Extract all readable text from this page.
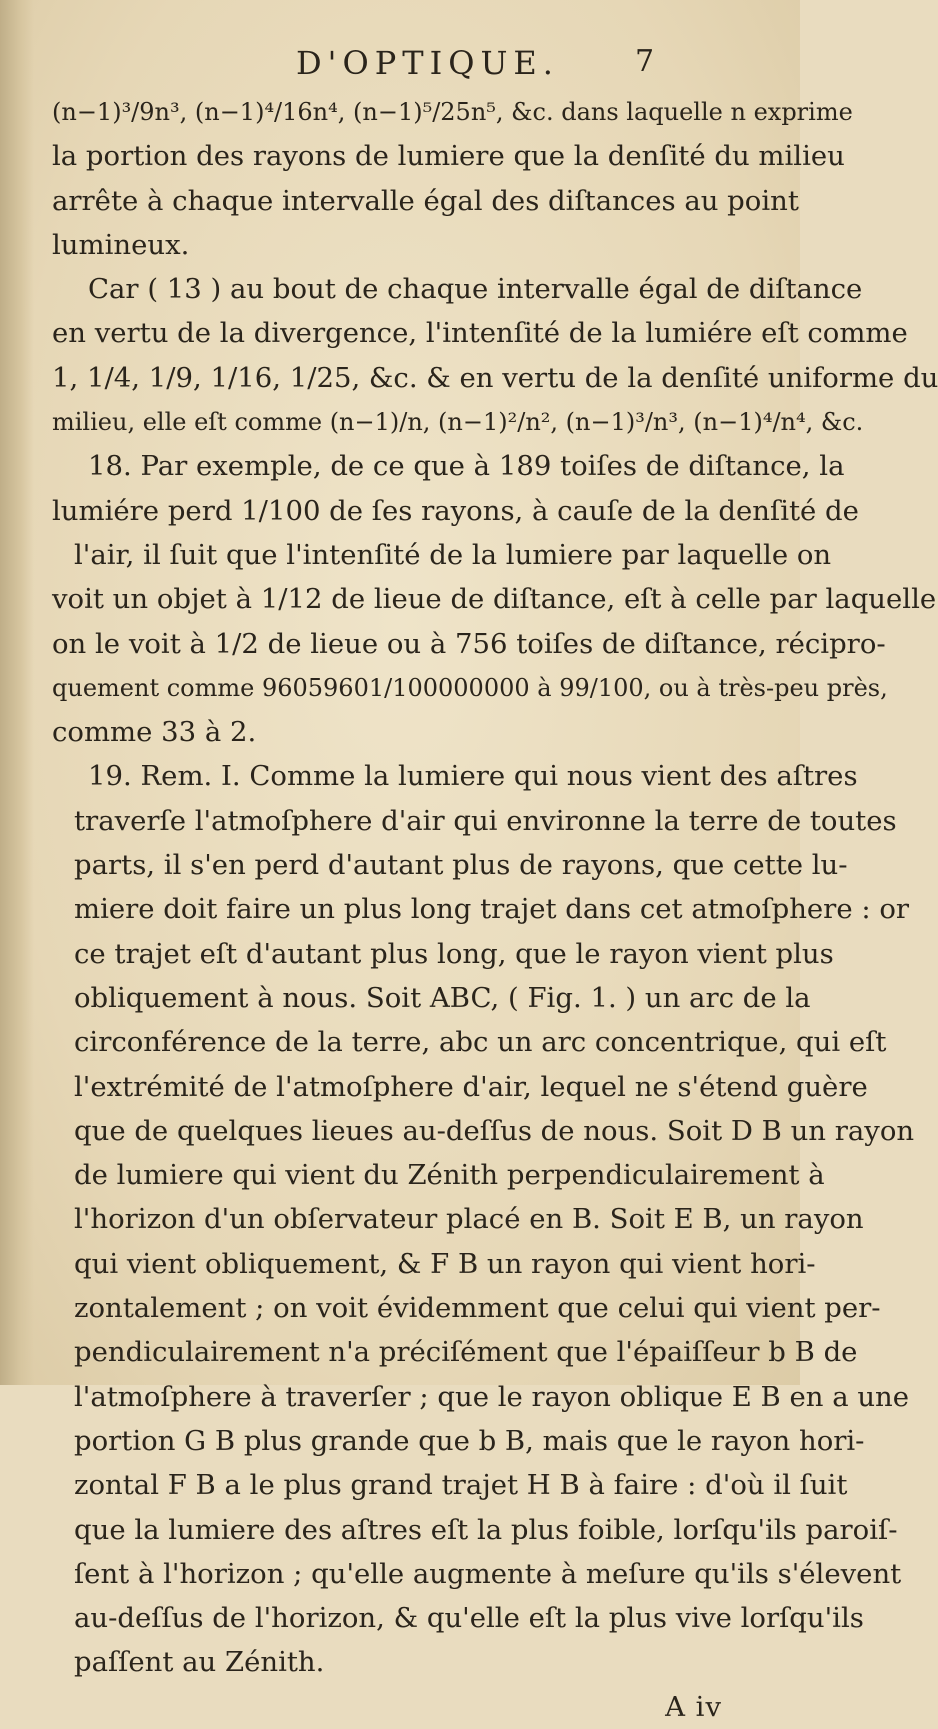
D'OPTIQUE.	7
(n−1)³/9n³, (n−1)⁴/16n⁴, (n−1)⁵/25n⁵, &c. dans laquelle n exprime
la portion des rayons de lumiere que la denſité du milieu
arrête à chaque intervalle égal des diſtances au point
lumineux.
Car ( 13 ) au bout de chaque intervalle égal de diſtance
en vertu de la divergence, l'intenſité de la lumiére eſt comme
1, 1/4, 1/9, 1/16, 1/25, &c. & en vertu de la denſité uniforme du
milieu, elle eſt comme (n−1)/n, (n−1)²/n², (n−1)³/n³, (n−1)⁴/n⁴, &c.
18. Par exemple, de ce que à 189 toiſes de diſtance, la
lumiére perd 1/100 de ſes rayons, à cauſe de la denſité de
l'air, il ſuit que l'intenſité de la lumiere par laquelle on
voit un objet à 1/12 de lieue de diſtance, eſt à celle par laquelle
on le voit à 1/2 de lieue ou à 756 toiſes de diſtance, récipro-
quement comme 96059601/100000000 à 99/100, ou à très-peu près,
comme 33 à 2.
19. Rem. I. Comme la lumiere qui nous vient des aſtres
traverſe l'atmoſphere d'air qui environne la terre de toutes
parts, il s'en perd d'autant plus de rayons, que cette lu-
miere doit faire un plus long trajet dans cet atmoſphere : or
ce trajet eſt d'autant plus long, que le rayon vient plus
obliquement à nous. Soit ABC, ( Fig. 1. ) un arc de la
circonférence de la terre, abc un arc concentrique, qui eſt
l'extrémité de l'atmoſphere d'air, lequel ne s'étend guère
que de quelques lieues au-deſſus de nous. Soit D B un rayon
de lumiere qui vient du Zénith perpendiculairement à
l'horizon d'un obſervateur placé en B. Soit E B, un rayon
qui vient obliquement, & F B un rayon qui vient hori-
zontalement ; on voit évidemment que celui qui vient per-
pendiculairement n'a préciſément que l'épaiſſeur b B de
l'atmoſphere à traverſer ; que le rayon oblique E B en a une
portion G B plus grande que b B, mais que le rayon hori-
zontal F B a le plus grand trajet H B à faire : d'où il ſuit
que la lumiere des aſtres eſt la plus foible, lorſqu'ils paroiſ-
ſent à l'horizon ; qu'elle augmente à meſure qu'ils s'élevent
au-deſſus de l'horizon, & qu'elle eſt la plus vive lorſqu'ils
paſſent au Zénith.
A iv
